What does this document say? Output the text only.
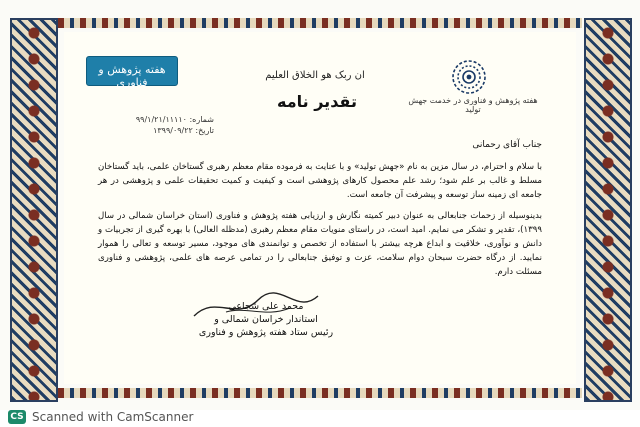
هفته پژوهش و فناوری
ان ربک هو الخلاق العلیم
تقدیر نامه	هفته پژوهش و فناوری در خدمت جهش تولید
شماره: ۹۹/۱/۲۱/۱۱۱۱۰
تاریخ: ۱۳۹۹/۰۹/۲۲
جناب آقای رحمانی

با سلام و احترام، در سال مزین به نام «جهش تولید» و با عنایت به فرموده مقام معظم رهبری گستاخان علمی، باید گستاخان مسلط و غالب بر علم شود؛ رشد علم محصول کارهای پژوهشی است و کیفیت و کمیت تحقیقات علمی و پژوهشی در هر جامعه ای زمینه ساز توسعه و پیشرفت آن جامعه است.

بدینوسیله از زحمات جنابعالی به عنوان دبیر کمیته نگارش و ارزیابی هفته پژوهش و فناوری (استان خراسان شمالی در سال ۱۳۹۹)، تقدیر و تشکر می نمایم. امید است، در راستای منویات مقام معظم رهبری (مدظله العالی) با بهره گیری از تجربیات و دانش و نوآوری، خلاقیت و ابداع هرچه بیشتر با استفاده از تخصص و توانمندی های موجود، مسیر توسعه و تعالی را هموار نمایید. از درگاه حضرت سبحان دوام سلامت، عزت و توفیق جنابعالی را در تمامی عرصه های علمی، پژوهشی و فناوری مسئلت دارم.

محمد علی شجاعی
استاندار خراسان شمالی و
رئیس ستاد هفته پژوهش و فناوری
CS Scanned with CamScanner
